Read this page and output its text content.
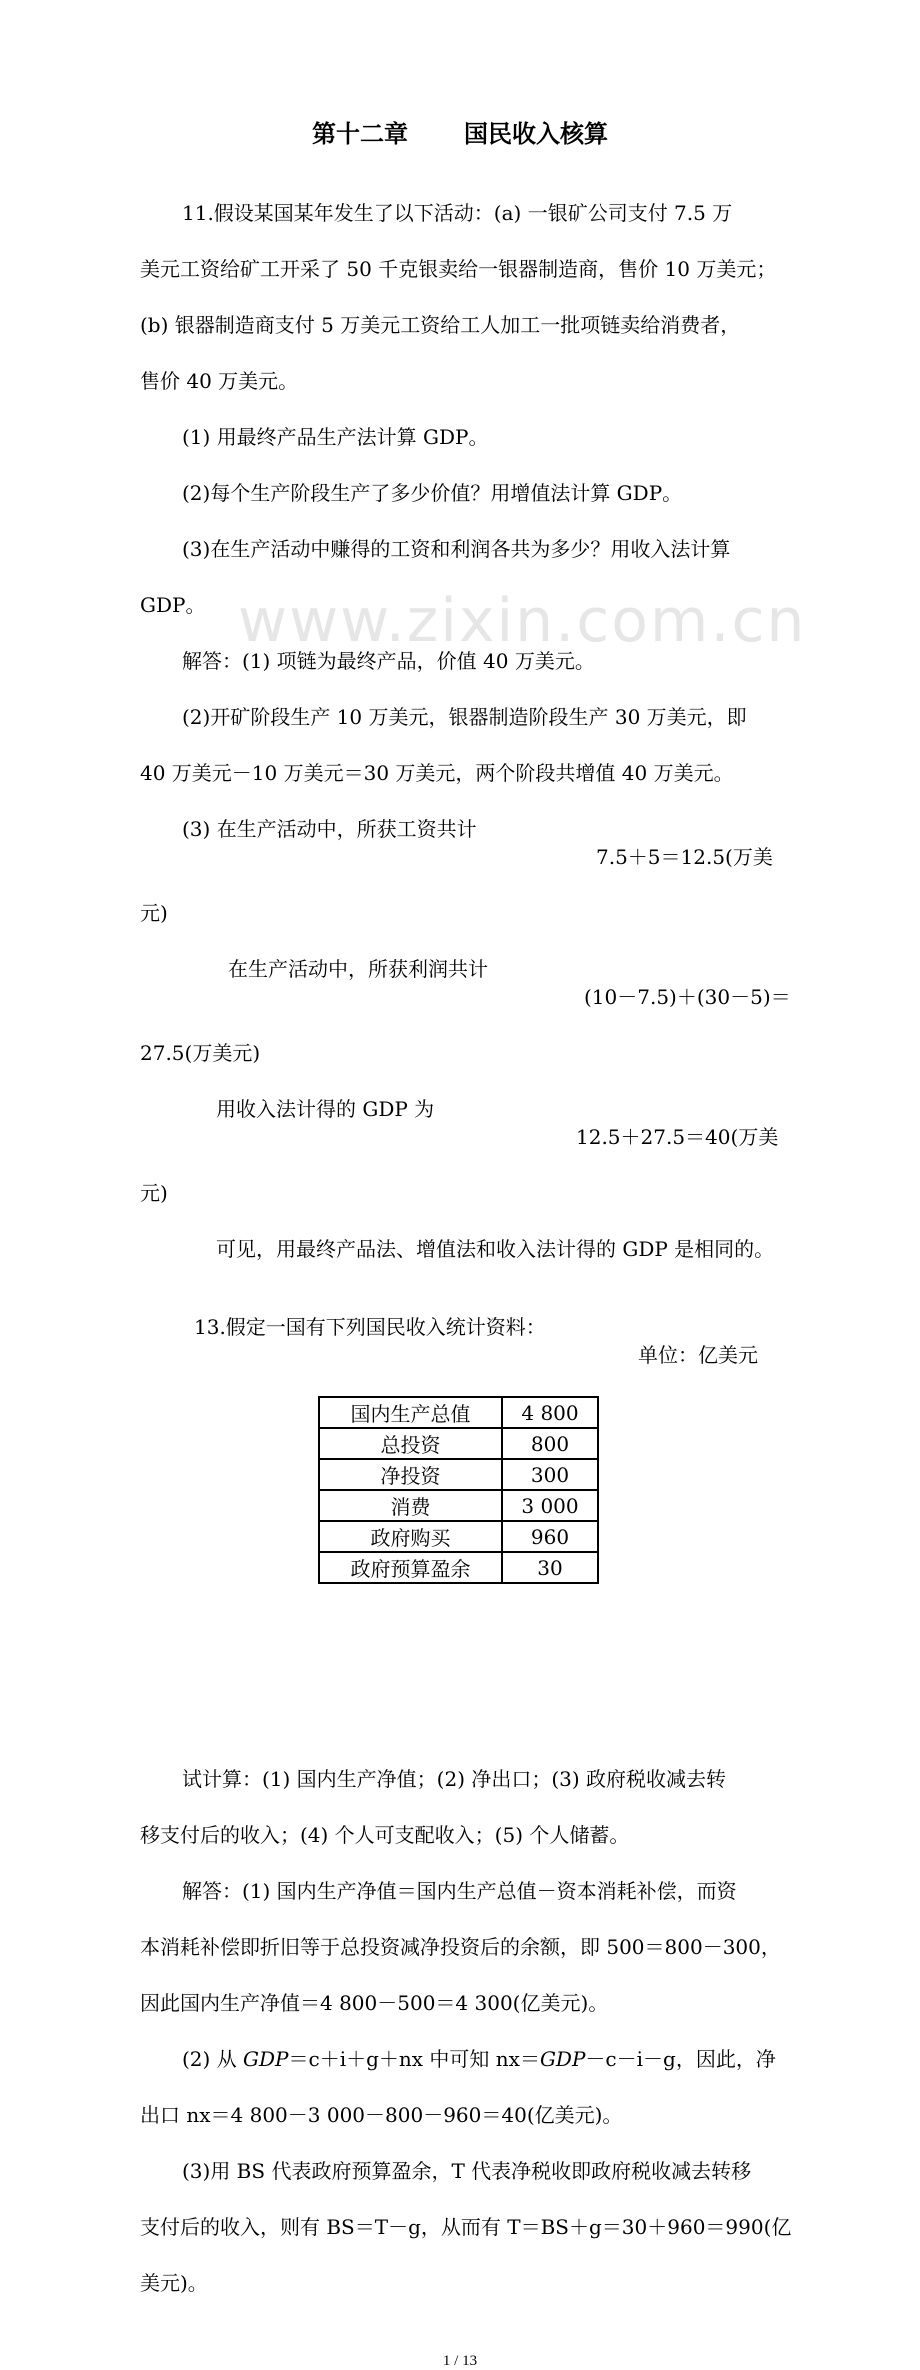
www.zixin.com.cn
第十二章 国民收入核算
11.假设某国某年发生了以下活动：(a) 一银矿公司支付 7.5 万
美元工资给矿工开采了 50 千克银卖给一银器制造商，售价 10 万美元；
(b) 银器制造商支付 5 万美元工资给工人加工一批项链卖给消费者，
售价 40 万美元。
(1) 用最终产品生产法计算 GDP。
(2)每个生产阶段生产了多少价值？用增值法计算 GDP。
(3)在生产活动中赚得的工资和利润各共为多少？用收入法计算
GDP。
解答：(1) 项链为最终产品，价值 40 万美元。
(2)开矿阶段生产 10 万美元，银器制造阶段生产 30 万美元，即
40 万美元－10 万美元＝30 万美元，两个阶段共增值 40 万美元。
(3) 在生产活动中，所获工资共计
7.5＋5＝12.5(万美
元)
在生产活动中，所获利润共计
(10－7.5)＋(30－5)＝
27.5(万美元)
用收入法计得的 GDP 为
12.5＋27.5＝40(万美
元)
可见，用最终产品法、增值法和收入法计得的 GDP 是相同的。
13.假定一国有下列国民收入统计资料：
单位：亿美元
国内生产总值	4 800
总投资	800
净投资	300
消费	3 000
政府购买	960
政府预算盈余	30
试计算：(1) 国内生产净值；(2) 净出口；(3) 政府税收减去转
移支付后的收入；(4) 个人可支配收入；(5) 个人储蓄。
解答：(1) 国内生产净值＝国内生产总值－资本消耗补偿，而资
本消耗补偿即折旧等于总投资减净投资后的余额，即 500＝800－300，
因此国内生产净值＝4 800－500＝4 300(亿美元)。
(2) 从 GDP＝c＋i＋g＋nx 中可知 nx＝GDP－c－i－g，因此，净
出口 nx＝4 800－3 000－800－960＝40(亿美元)。
(3)用 BS 代表政府预算盈余，T 代表净税收即政府税收减去转移
支付后的收入，则有 BS＝T－g，从而有 T＝BS＋g＝30＋960＝990(亿
美元)。
1 / 13
